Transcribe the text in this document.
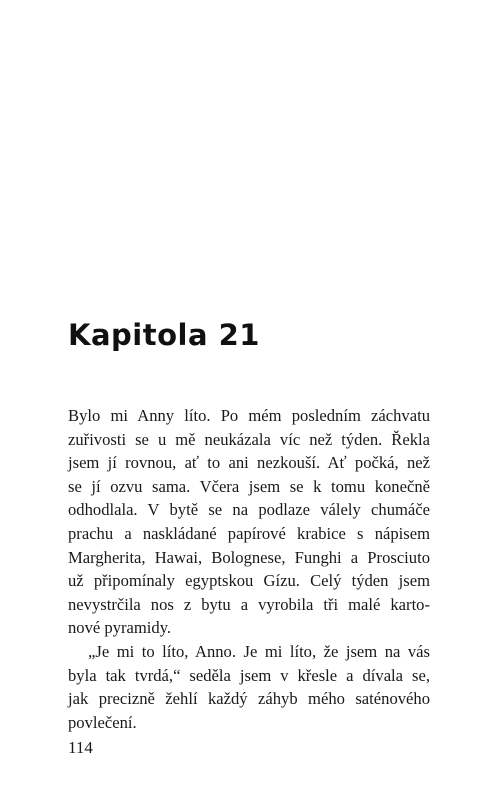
Kapitola 21
Bylo mi Anny líto. Po mém posledním záchvatu
zuřivosti se u mě neukázala víc než týden. Řekla
jsem jí rovnou, ať to ani nezkouší. Ať počká, než
se jí ozvu sama. Včera jsem se k tomu konečně
odhodlala. V bytě se na podlaze válely chumáče
prachu a naskládané papírové krabice s nápisem
Margherita, Hawai, Bolognese, Funghi a Prosciuto
už připomínaly egyptskou Gízu. Celý týden jsem
nevystrčila nos z bytu a vyrobila tři malé karto-
nové pyramidy.
„Je mi to líto, Anno. Je mi líto, že jsem na vás
byla tak tvrdá,“ seděla jsem v křesle a dívala se,
jak precizně žehlí každý záhyb mého saténového
povlečení.
114
